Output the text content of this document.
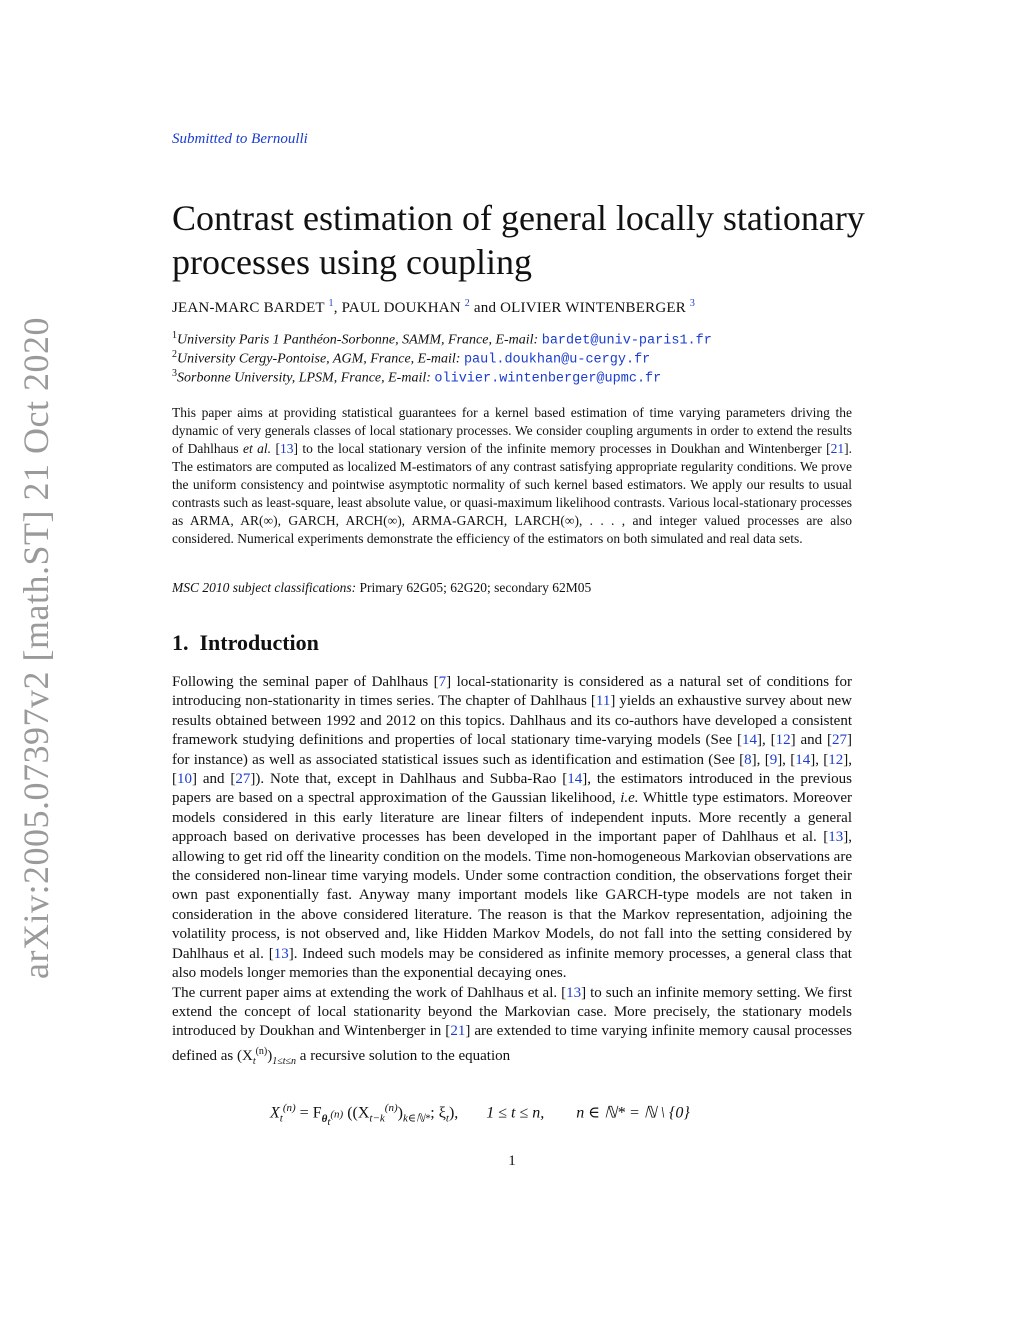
arXiv:2005.07397v2 [math.ST] 21 Oct 2020
Submitted to Bernoulli
Contrast estimation of general locally stationary processes using coupling
JEAN-MARC BARDET $^1$, PAUL DOUKHAN $^2$ and OLIVIER WINTENBERGER $^3$
$^1$University Paris 1 Panthéon-Sorbonne, SAMM, France, E-mail: bardet@univ-paris1.fr
$^2$University Cergy-Pontoise, AGM, France, E-mail: paul.doukhan@u-cergy.fr
$^3$Sorbonne University, LPSM, France, E-mail: olivier.wintenberger@upmc.fr
This paper aims at providing statistical guarantees for a kernel based estimation of time varying parameters driving the dynamic of very generals classes of local stationary processes. We consider coupling arguments in order to extend the results of Dahlhaus et al. [13] to the local stationary version of the infinite memory processes in Doukhan and Wintenberger [21]. The estimators are computed as localized M-estimators of any contrast satisfying appropriate regularity conditions. We prove the uniform consistency and pointwise asymptotic normality of such kernel based estimators. We apply our results to usual contrasts such as least-square, least absolute value, or quasi-maximum likelihood contrasts. Various local-stationary processes as ARMA, AR(∞), GARCH, ARCH(∞), ARMA-GARCH, LARCH(∞), . . . , and integer valued processes are also considered. Numerical experiments demonstrate the efficiency of the estimators on both simulated and real data sets.
MSC 2010 subject classifications: Primary 62G05; 62G20; secondary 62M05
1. Introduction

Following the seminal paper of Dahlhaus [7] local-stationarity is considered as a natural set of conditions for introducing non-stationarity in times series. The chapter of Dahlhaus [11] yields an exhaustive survey about new results obtained between 1992 and 2012 on this topics. Dahlhaus and its co-authors have developed a consistent framework studying definitions and properties of local stationary time-varying models (See [14], [12] and [27] for instance) as well as associated statistical issues such as identification and estimation (See [8], [9], [14], [12], [10] and [27]). Note that, except in Dahlhaus and Subba-Rao [14], the estimators introduced in the previous papers are based on a spectral approximation of the Gaussian likelihood, i.e. Whittle type estimators. Moreover models considered in this early literature are linear filters of independent inputs. More recently a general approach based on derivative processes has been developed in the important paper of Dahlhaus et al. [13], allowing to get rid off the linearity condition on the models. Time non-homogeneous Markovian observations are the considered non-linear time varying models. Under some contraction condition, the observations forget their own past exponentially fast. Anyway many important models like GARCH-type models are not taken in consideration in the above considered literature. The reason is that the Markov representation, adjoining the volatility process, is not observed and, like Hidden Markov Models, do not fall into the setting considered by Dahlhaus et al. [13]. Indeed such models may be considered as infinite memory processes, a general class that also models longer memories than the exponential decaying ones.

The current paper aims at extending the work of Dahlhaus et al. [13] to such an infinite memory setting. We first extend the concept of local stationarity beyond the Markovian case. More precisely, the stationary models introduced by Doukhan and Wintenberger in [21] are extended to time varying infinite memory causal processes defined as $(X_t^{(n)})_{1\le t\le n}$ a recursive solution to the equation

$X_t^{(n)} = F_{\theta_t^{(n)}}$ ($(X_{t-k}^{(n)})_{k\in ℕ*}$; $\xi_t$), 1 ≤ t ≤ n, n ∈ ℕ* = ℕ \ {0}
1
